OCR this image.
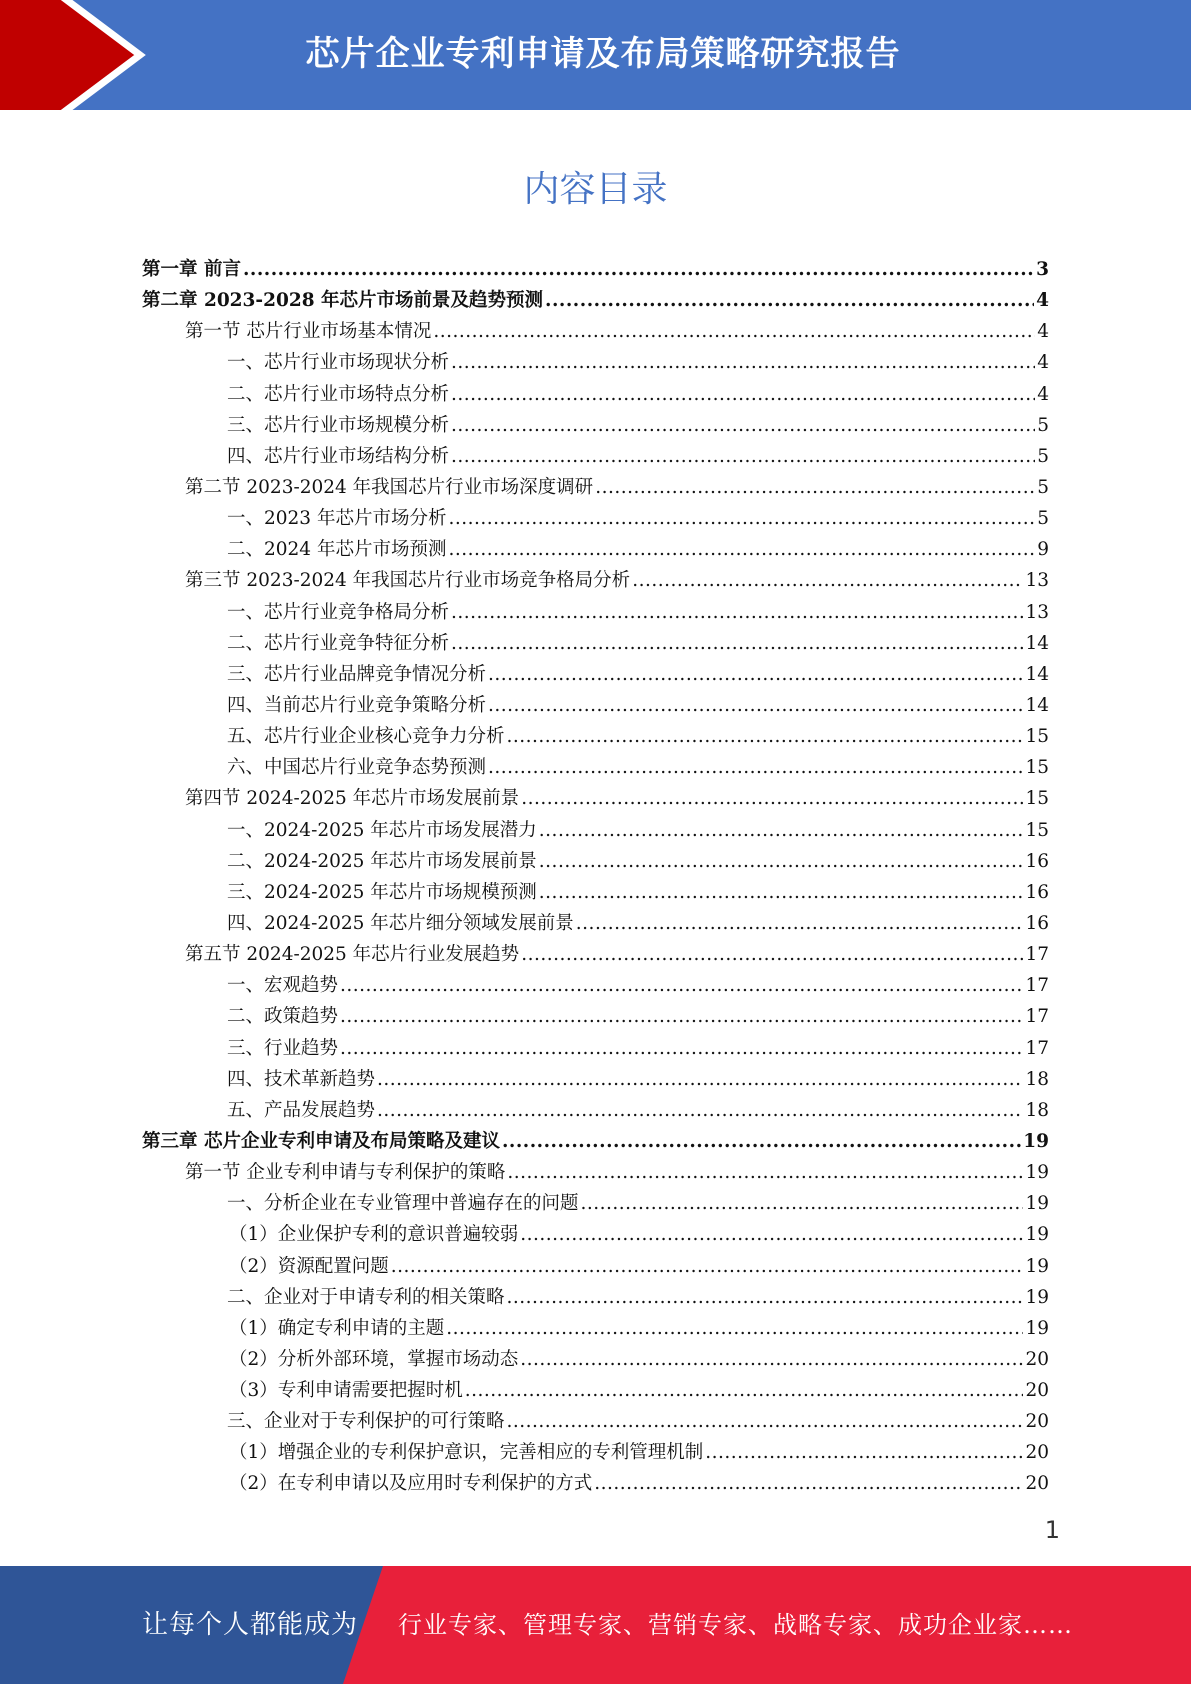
芯片企业专利申请及布局策略研究报告
内容目录
第一章 前言 .....	3
第二章 2023-2028 年芯片市场前景及趋势预测 .....	4
第一节 芯片行业市场基本情况 .....	4
一、芯片行业市场现状分析 .....	4
二、芯片行业市场特点分析 .....	4
三、芯片行业市场规模分析 .....	5
四、芯片行业市场结构分析 .....	5
第二节 2023-2024 年我国芯片行业市场深度调研 .....	5
一、2023 年芯片市场分析 .....	5
二、2024 年芯片市场预测 .....	9
第三节 2023-2024 年我国芯片行业市场竞争格局分析 .....	13
一、芯片行业竞争格局分析 .....	13
二、芯片行业竞争特征分析 .....	14
三、芯片行业品牌竞争情况分析 .....	14
四、当前芯片行业竞争策略分析 .....	14
五、芯片行业企业核心竞争力分析 .....	15
六、中国芯片行业竞争态势预测 .....	15
第四节 2024-2025 年芯片市场发展前景 .....	15
一、2024-2025 年芯片市场发展潜力 .....	15
二、2024-2025 年芯片市场发展前景 .....	16
三、2024-2025 年芯片市场规模预测 .....	16
四、2024-2025 年芯片细分领域发展前景 .....	16
第五节 2024-2025 年芯片行业发展趋势 .....	17
一、宏观趋势 .....	17
二、政策趋势 .....	17
三、行业趋势 .....	17
四、技术革新趋势 .....	18
五、产品发展趋势 .....	18
第三章 芯片企业专利申请及布局策略及建议 .....	19
第一节 企业专利申请与专利保护的策略 .....	19
一、分析企业在专业管理中普遍存在的问题 .....	19
（1）企业保护专利的意识普遍较弱 .....	19
（2）资源配置问题 .....	19
二、企业对于申请专利的相关策略 .....	19
（1）确定专利申请的主题 .....	19
（2）分析外部环境，掌握市场动态 .....	20
（3）专利申请需要把握时机 .....	20
三、企业对于专利保护的可行策略 .....	20
（1）增强企业的专利保护意识，完善相应的专利管理机制 .....	20
（2）在专利申请以及应用时专利保护的方式 .....	20
1
让每个人都能成为 行业专家、管理专家、营销专家、战略专家、成功企业家……
